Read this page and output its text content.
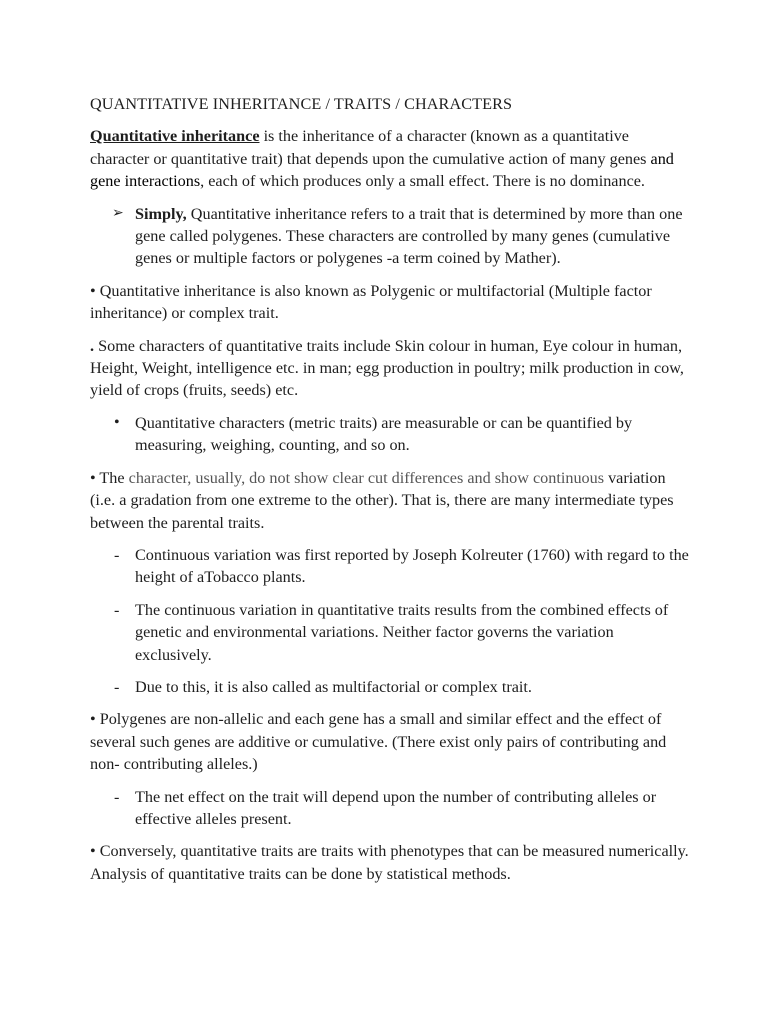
QUANTITATIVE INHERITANCE / TRAITS / CHARACTERS

Quantitative inheritance is the inheritance of a character (known as a quantitative character or quantitative trait) that depends upon the cumulative action of many genes and gene interactions, each of which produces only a small effect. There is no dominance.

➢ Simply, Quantitative inheritance refers to a trait that is determined by more than one gene called polygenes. These characters are controlled by many genes (cumulative genes or multiple factors or polygenes -a term coined by Mather).

• Quantitative inheritance is also known as Polygenic or multifactorial (Multiple factor inheritance) or complex trait.

. Some characters of quantitative traits include Skin colour in human, Eye colour in human, Height, Weight, intelligence etc. in man; egg production in poultry; milk production in cow, yield of crops (fruits, seeds) etc.

• Quantitative characters (metric traits) are measurable or can be quantified by measuring, weighing, counting, and so on.

• The character, usually, do not show clear cut differences and show continuous variation (i.e. a gradation from one extreme to the other). That is, there are many intermediate types between the parental traits.

- Continuous variation was first reported by Joseph Kolreuter (1760) with regard to the height of aTobacco plants.

- The continuous variation in quantitative traits results from the combined effects of genetic and environmental variations. Neither factor governs the variation exclusively.

- Due to this, it is also called as multifactorial or complex trait.

• Polygenes are non-allelic and each gene has a small and similar effect and the effect of several such genes are additive or cumulative. (There exist only pairs of contributing and non- contributing alleles.)

- The net effect on the trait will depend upon the number of contributing alleles or effective alleles present.

• Conversely, quantitative traits are traits with phenotypes that can be measured numerically. Analysis of quantitative traits can be done by statistical methods.
